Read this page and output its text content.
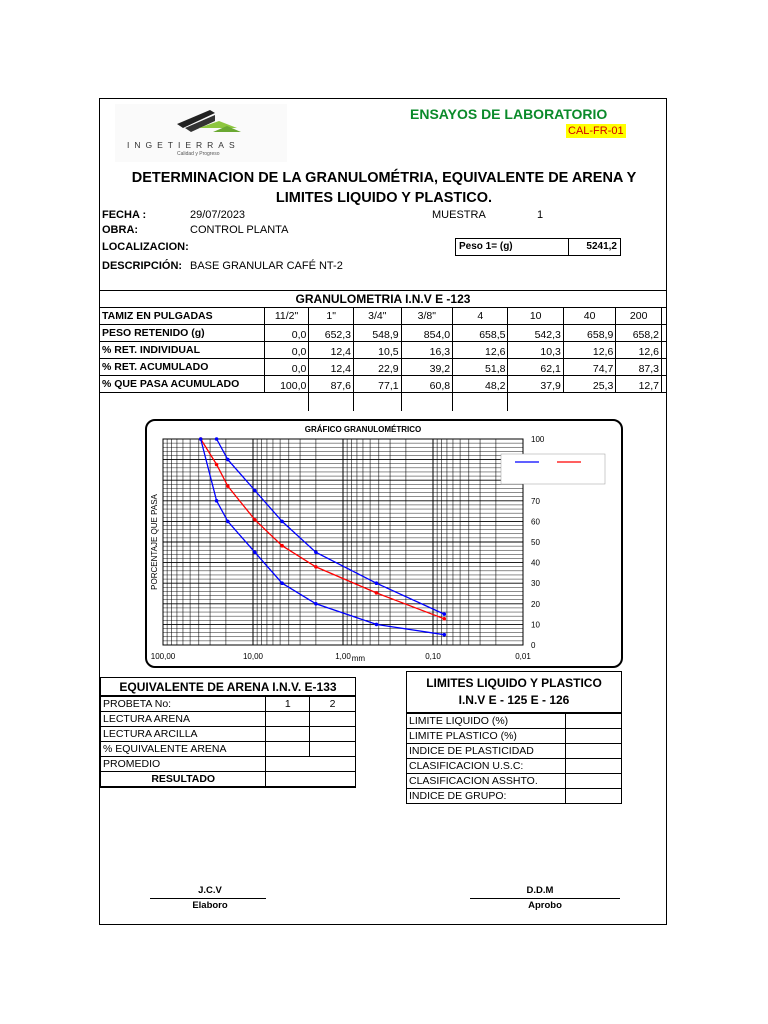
INGETIERRAS
Calidad y Progreso
ENSAYOS DE LABORATORIO
CAL-FR-01
DETERMINACION DE LA GRANULOMÉTRIA, EQUIVALENTE DE ARENA Y LIMITES LIQUIDO Y PLASTICO.
FECHA :	29/07/2023	MUESTRA	1
OBRA:	CONTROL PLANTA
LOCALIZACION:	Peso 1= (g)	5241,2
DESCRIPCIÓN: BASE GRANULAR CAFÉ NT-2
GRANULOMETRIA I.N.V E -123
TAMIZ EN PULGADAS	11/2"	1"	3/4"	3/8"	4	10	40	200	
PESO RETENIDO (g)	0,0	652,3	548,9	854,0	658,5	542,3	658,9	658,2	
% RET. INDIVIDUAL	0,0	12,4	10,5	16,3	12,6	10,3	12,6	12,6	
% RET. ACUMULADO	0,0	12,4	22,9	39,2	51,8	62,1	74,7	87,3	
% QUE PASA ACUMULADO	100,0	87,6	77,1	60,8	48,2	37,9	25,3	12,7	

0
10
20
30
40
50
60
70
100
100,00	10,00	1,00	0,10	0,01
mm
PORCENTAJE QUE PASA
GRÁFICO GRANULOMÉTRICO
EQUIVALENTE DE ARENA I.N.V. E-133
PROBETA No:	1	2
LECTURA ARENA		
LECTURA ARCILLA		
% EQUIVALENTE ARENA		
PROMEDIO		
RESULTADO		
LIMITES LIQUIDO Y PLASTICO
I.N.V E - 125 E - 126
LIMITE LIQUIDO (%)	
LIMITE PLASTICO (%)	
INDICE DE PLASTICIDAD	
CLASIFICACION U.S.C:	
CLASIFICACION ASSHTO.	
INDICE DE GRUPO:	
J.C.V
Elaboro
D.D.M
Aprobo
